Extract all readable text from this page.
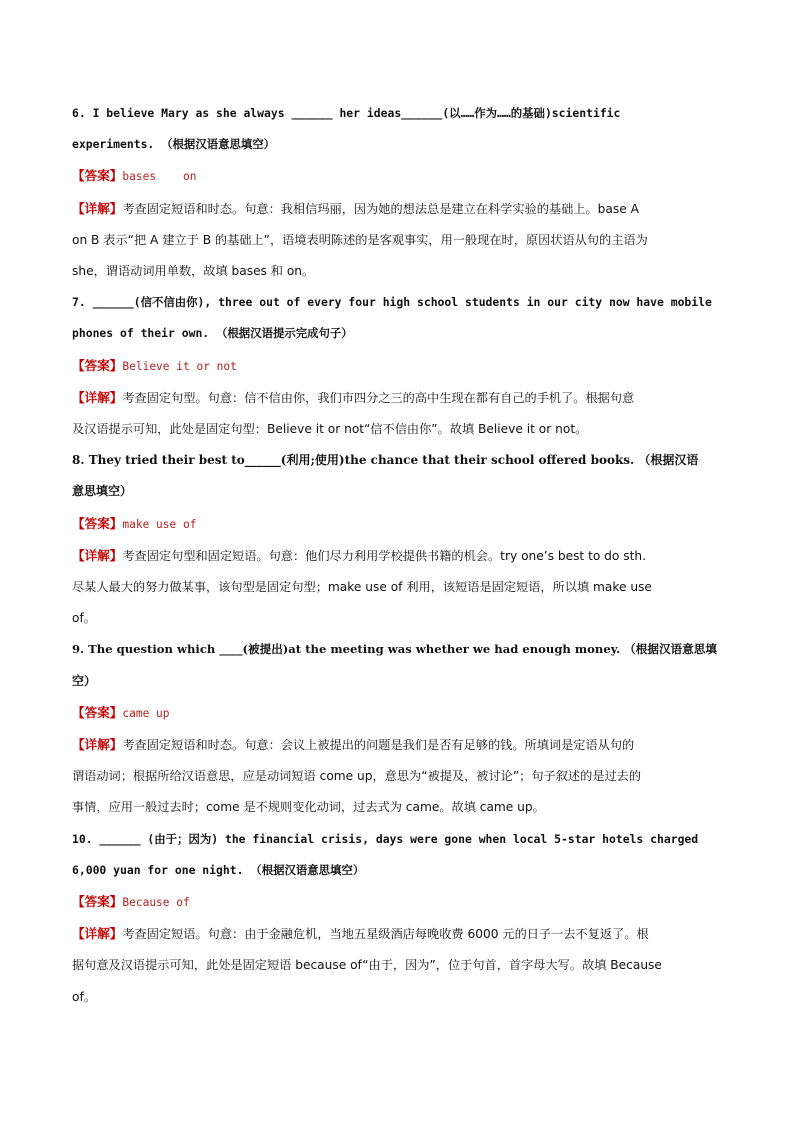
6. I believe Mary as she always ______ her ideas______(以……作为……的基础)scientific
experiments. （根据汉语意思填空）
【答案】bases    on
【详解】考查固定短语和时态。句意：我相信玛丽，因为她的想法总是建立在科学实验的基础上。base A
on B 表示“把 A 建立于 B 的基础上”，语境表明陈述的是客观事实，用一般现在时，原因状语从句的主语为
she，谓语动词用单数，故填 bases 和 on。
7. ______(信不信由你), three out of every four high school students in our city now have mobile
phones of their own. （根据汉语提示完成句子）
【答案】Believe it or not
【详解】考查固定句型。句意：信不信由你，我们市四分之三的高中生现在都有自己的手机了。根据句意
及汉语提示可知，此处是固定句型：Believe it or not“信不信由你”。故填 Believe it or not。
8. They tried their best to______(利用;使用)the chance that their school offered books. （根据汉语
意思填空）
【答案】make use of
【详解】考查固定句型和固定短语。句意：他们尽力利用学校提供书籍的机会。try one’s best to do sth.
尽某人最大的努力做某事，该句型是固定句型；make use of 利用，该短语是固定短语，所以填 make use
of。
9. The question which ____(被提出)at the meeting was whether we had enough money. （根据汉语意思填
空）
【答案】came up
【详解】考查固定短语和时态。句意：会议上被提出的问题是我们是否有足够的钱。所填词是定语从句的
谓语动词；根据所给汉语意思，应是动词短语 come up，意思为“被提及，被讨论”；句子叙述的是过去的
事情，应用一般过去时；come 是不规则变化动词，过去式为 came。故填 came up。
10. ______ (由于；因为) the financial crisis, days were gone when local 5-star hotels charged
6,000 yuan for one night. （根据汉语意思填空）
【答案】Because of
【详解】考查固定短语。句意：由于金融危机，当地五星级酒店每晚收费 6000 元的日子一去不复返了。根
据句意及汉语提示可知，此处是固定短语 because of“由于，因为”，位于句首，首字母大写。故填 Because
of。
